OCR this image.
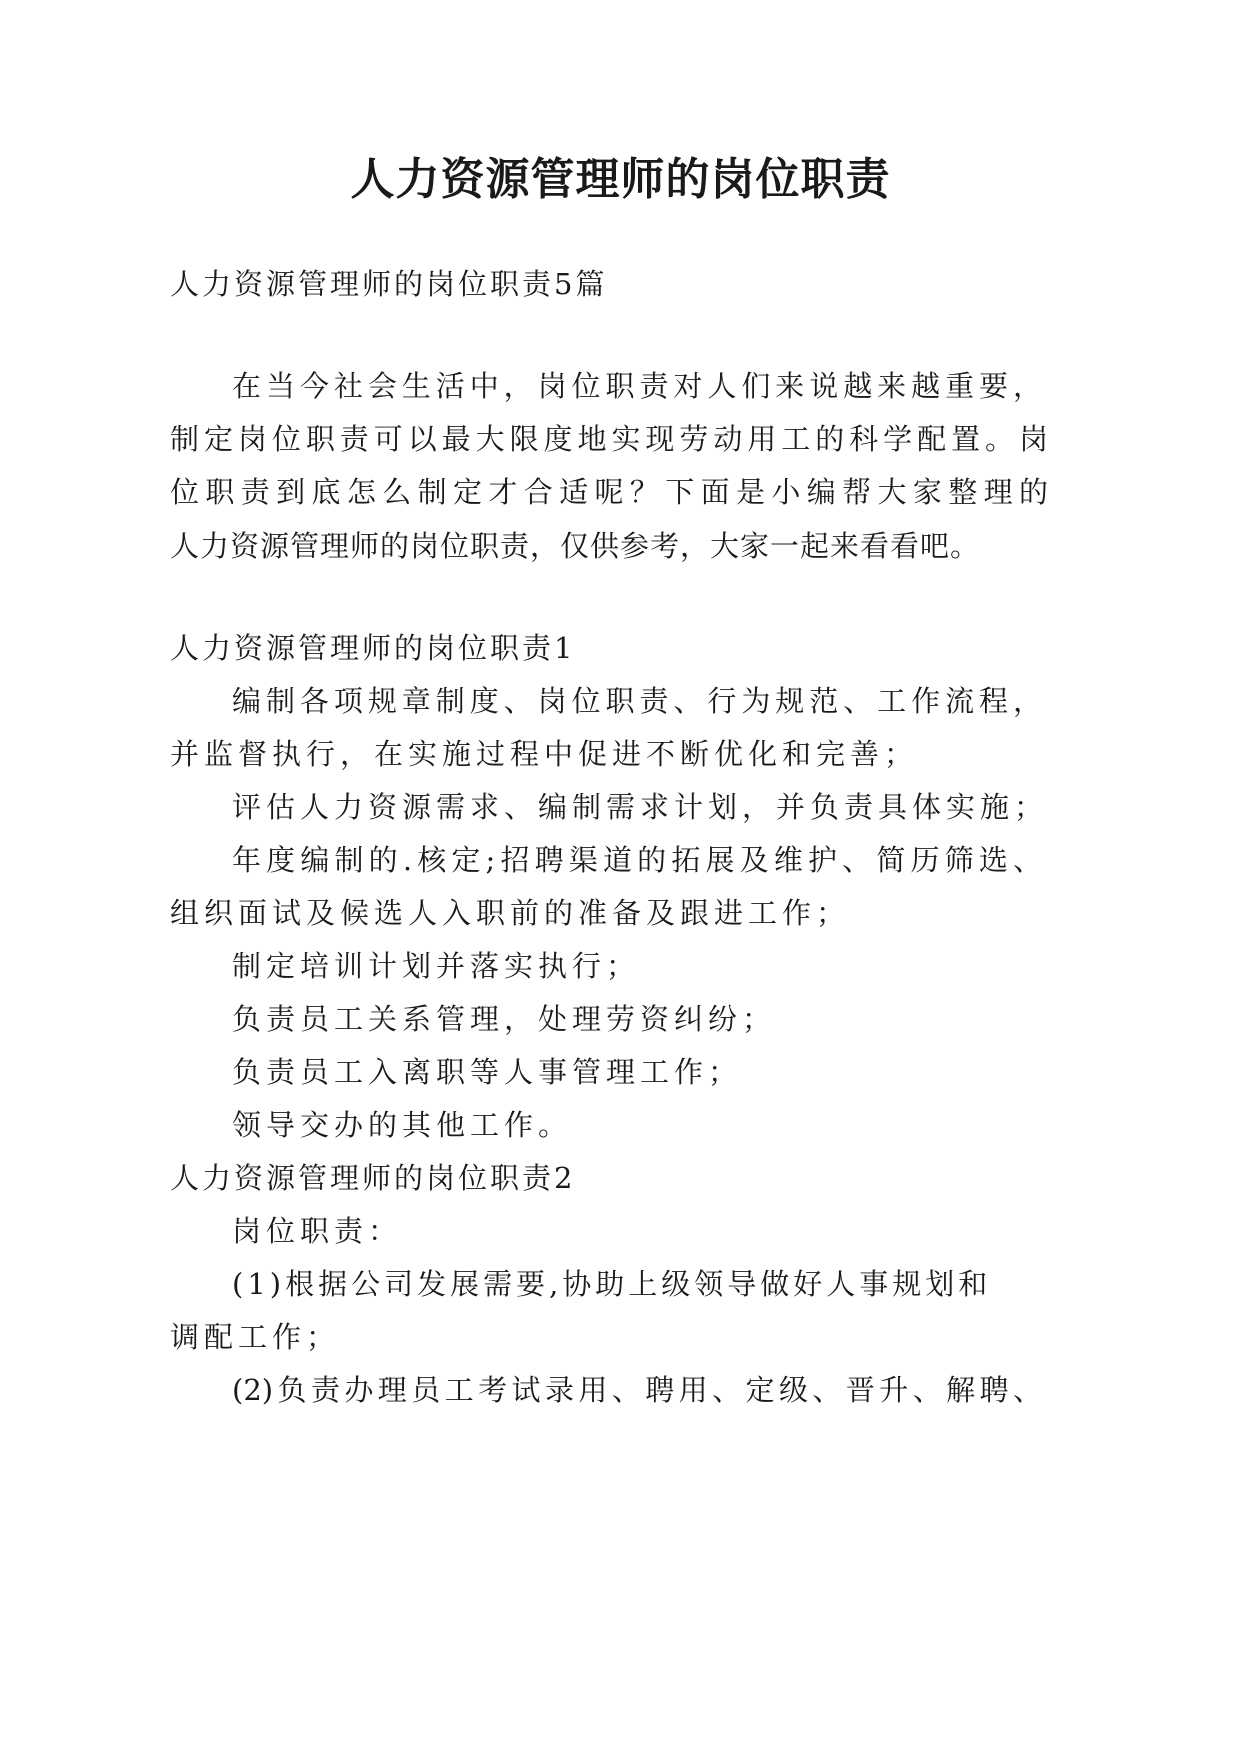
人力资源管理师的岗位职责
人力资源管理师的岗位职责5篇
在当今社会生活中，岗位职责对人们来说越来越重要，
制定岗位职责可以最大限度地实现劳动用工的科学配置。岗
位职责到底怎么制定才合适呢？下面是小编帮大家整理的
人力资源管理师的岗位职责，仅供参考，大家一起来看看吧。
人力资源管理师的岗位职责1
编制各项规章制度、岗位职责、行为规范、工作流程，
并监督执行，在实施过程中促进不断优化和完善；
评估人力资源需求、编制需求计划，并负责具体实施；
年度编制的.核定;招聘渠道的拓展及维护、简历筛选、
组织面试及候选人入职前的准备及跟进工作；
制定培训计划并落实执行；
负责员工关系管理，处理劳资纠纷；
负责员工入离职等人事管理工作；
领导交办的其他工作。
人力资源管理师的岗位职责2
岗位职责：
(1)根据公司发展需要,协助上级领导做好人事规划和
调配工作；
(2)负责办理员工考试录用、聘用、定级、晋升、解聘、
